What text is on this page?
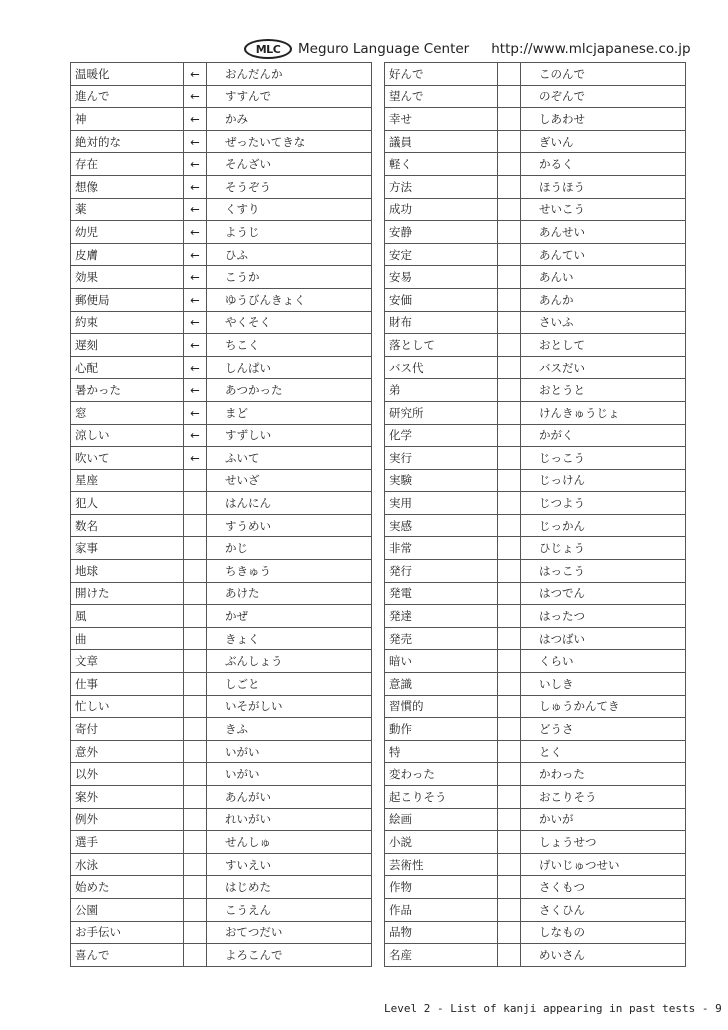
MLC	Meguro Language Center http://www.mlcjapanese.co.jp
温暖化	←	おんだんか
進んで	←	すすんで
神	←	かみ
絶対的な	←	ぜったいてきな
存在	←	そんざい
想像	←	そうぞう
薬	←	くすり
幼児	←	ようじ
皮膚	←	ひふ
効果	←	こうか
郵便局	←	ゆうびんきょく
約束	←	やくそく
遅刻	←	ちこく
心配	←	しんぱい
暑かった	←	あつかった
窓	←	まど
涼しい	←	すずしい
吹いて	←	ふいて
星座		せいざ
犯人		はんにん
数名		すうめい
家事		かじ
地球		ちきゅう
開けた		あけた
風		かぜ
曲		きょく
文章		ぶんしょう
仕事		しごと
忙しい		いそがしい
寄付		きふ
意外		いがい
以外		いがい
案外		あんがい
例外		れいがい
選手		せんしゅ
水泳		すいえい
始めた		はじめた
公園		こうえん
お手伝い		おてつだい
喜んで		よろこんで
好んで		このんで
望んで		のぞんで
幸せ		しあわせ
議員		ぎいん
軽く		かるく
方法		ほうほう
成功		せいこう
安静		あんせい
安定		あんてい
安易		あんい
安価		あんか
財布		さいふ
落として		おとして
バス代		バスだい
弟		おとうと
研究所		けんきゅうじょ
化学		かがく
実行		じっこう
実験		じっけん
実用		じつよう
実感		じっかん
非常		ひじょう
発行		はっこう
発電		はつでん
発達		はったつ
発売		はつばい
暗い		くらい
意識		いしき
習慣的		しゅうかんてき
動作		どうさ
特		とく
変わった		かわった
起こりそう		おこりそう
絵画		かいが
小説		しょうせつ
芸術性		げいじゅつせい
作物		さくもつ
作品		さくひん
品物		しなもの
名産		めいさん
Level 2 - List of kanji appearing in past tests - 9
